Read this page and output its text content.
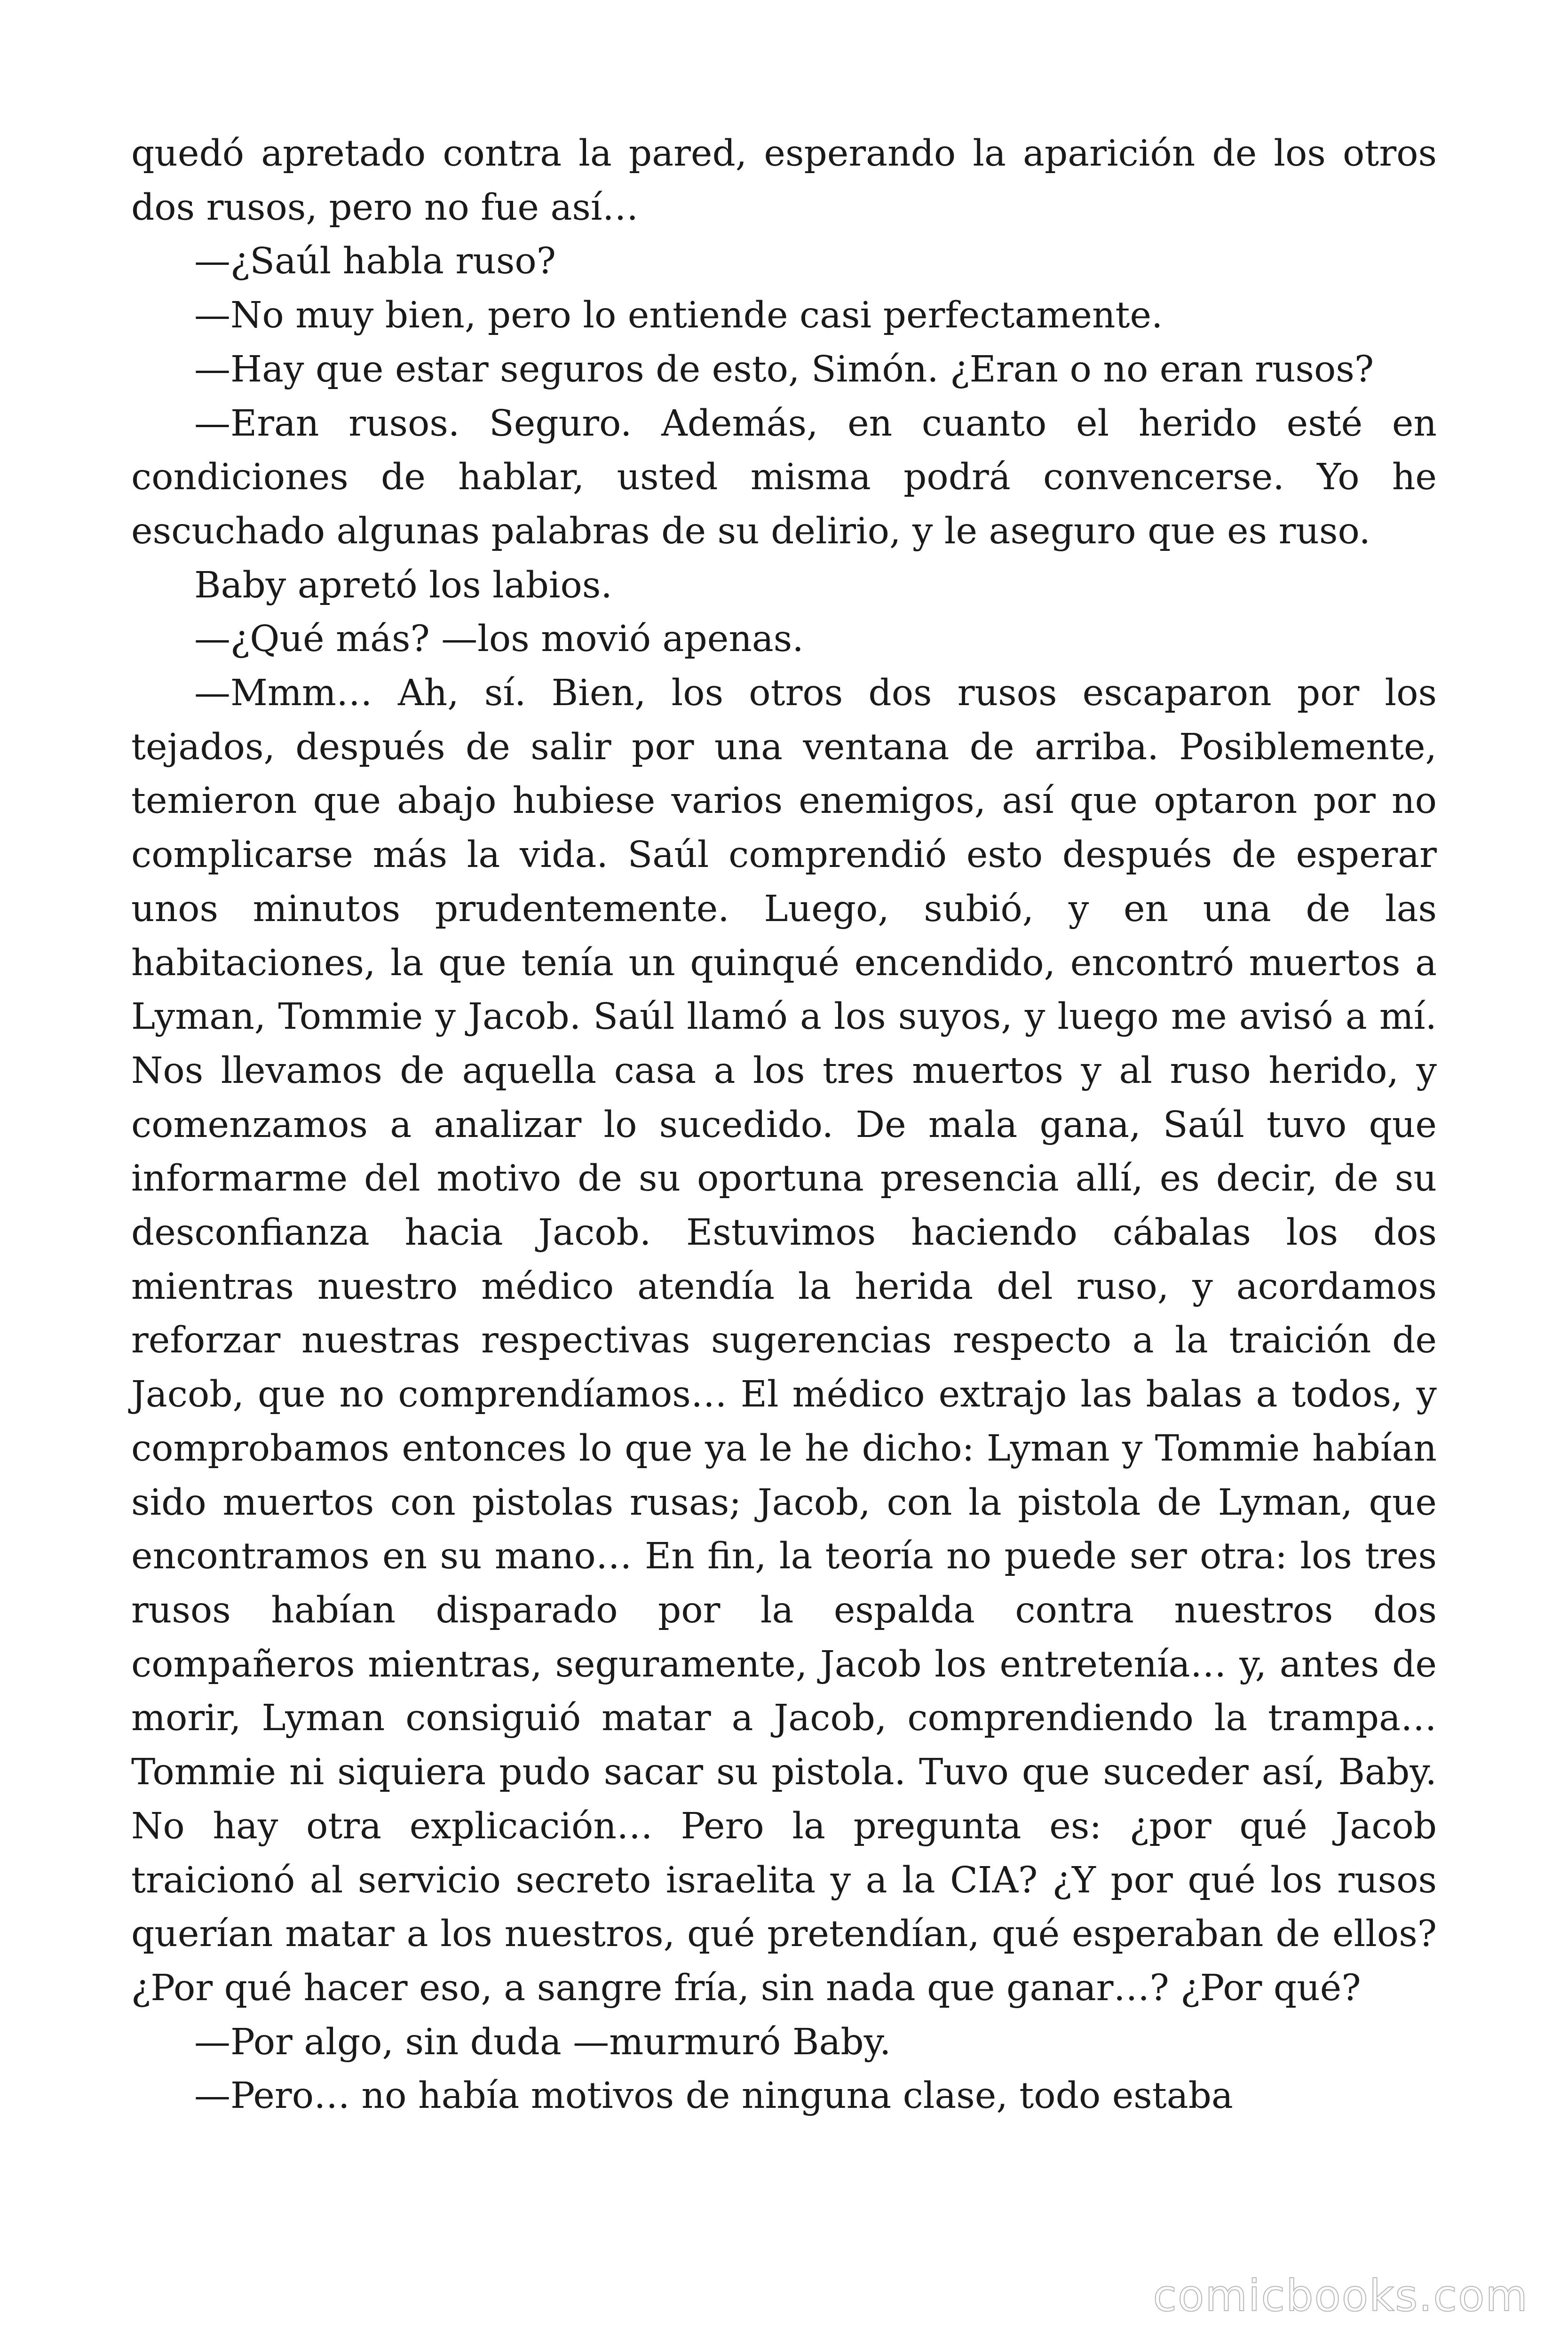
quedó apretado contra la pared, esperando la aparición de los otros dos rusos, pero no fue así…

—¿Saúl habla ruso?

—No muy bien, pero lo entiende casi perfectamente.

—Hay que estar seguros de esto, Simón. ¿Eran o no eran rusos?

—Eran rusos. Seguro. Además, en cuanto el herido esté en condiciones de hablar, usted misma podrá convencerse. Yo he escuchado algunas palabras de su delirio, y le aseguro que es ruso.

Baby apretó los labios.

—¿Qué más? —los movió apenas.

—Mmm… Ah, sí. Bien, los otros dos rusos escaparon por los tejados, después de salir por una ventana de arriba. Posiblemente, temieron que abajo hubiese varios enemigos, así que optaron por no complicarse más la vida. Saúl comprendió esto después de esperar unos minutos prudentemente. Luego, subió, y en una de las habitaciones, la que tenía un quinqué encendido, encontró muertos a Lyman, Tommie y Jacob. Saúl llamó a los suyos, y luego me avisó a mí. Nos llevamos de aquella casa a los tres muertos y al ruso herido, y comenzamos a analizar lo sucedido. De mala gana, Saúl tuvo que informarme del motivo de su oportuna presencia allí, es decir, de su desconfianza hacia Jacob. Estuvimos haciendo cábalas los dos mientras nuestro médico atendía la herida del ruso, y acordamos reforzar nuestras respectivas sugerencias respecto a la traición de Jacob, que no comprendíamos… El médico extrajo las balas a todos, y comprobamos entonces lo que ya le he dicho: Lyman y Tommie habían sido muertos con pistolas rusas; Jacob, con la pistola de Lyman, que encontramos en su mano… En fin, la teoría no puede ser otra: los tres rusos habían disparado por la espalda contra nuestros dos compañeros mientras, seguramente, Jacob los entretenía… y, antes de morir, Lyman consiguió matar a Jacob, comprendiendo la trampa… Tommie ni siquiera pudo sacar su pistola. Tuvo que suceder así, Baby. No hay otra explicación… Pero la pregunta es: ¿por qué Jacob traicionó al servicio secreto israelita y a la CIA? ¿Y por qué los rusos querían matar a los nuestros, qué pretendían, qué esperaban de ellos? ¿Por qué hacer eso, a sangre fría, sin nada que ganar…? ¿Por qué?

—Por algo, sin duda —murmuró Baby.

—Pero… no había motivos de ninguna clase, todo estaba

comicbooks.com
